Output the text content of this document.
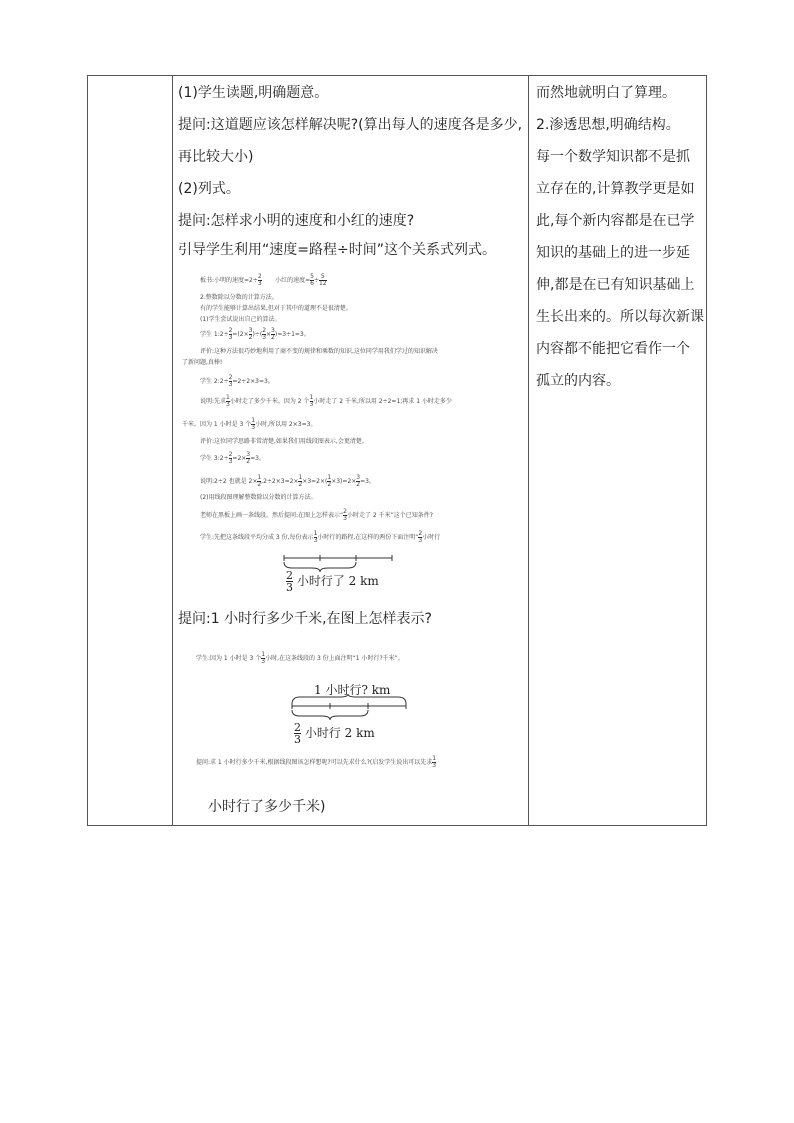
(1)学生读题,明确题意。
提问:这道题应该怎样解决呢?(算出每人的速度各是多少,
再比较大小)
(2)列式。
提问:怎样求小明的速度和小红的速度?
引导学生利用“速度=路程÷时间”这个关系式列式。
板书:小明的速度$=2\div \frac{2}{3}$ 小红的速度= $\frac{5}{6} \div \frac{5}{12}$
2.整数除以分数的计算方法。
有的学生能够计算出结果,但对于其中的道理不是很清楚。
(1)学生尝试说出自己的算法。
学生 1:2÷ $\frac{2}{3} =(2\times \frac{3}{2}$ )÷( $\frac{2}{3} \times \frac{3}{2} )=3\div 1=3$。
评价:这种方法很巧妙地利用了商不变的规律和乘数的知识,这位同学用我们学过的知识解决
了新问题,真棒!
学生 2:2÷ $\frac{2}{3} =2\div 2\times 3=3$。
说明:先求 $\frac{1}{3}$ 小时走了多少千米。因为 2 个 $\frac{1}{3}$ 小时走了 2 千米,所以用 2÷2=1;再求 1 小时走多少
千米。因为 1 小时是 3 个 $\frac{1}{3}$ 小时,所以用 2×3=3。
评价:这位同学思路非常清楚,如果我们用线段图表示,会更清楚。
学生 3:2÷ $\frac{2}{3} =2\times \frac{3}{2} =3$。
说明:2÷2 也就是 $2\times \frac{1}{2} ,2\div 2\times 3=2\times \frac{1}{2} \times 3=2\times( \frac{1}{2} \times 3)=2\times \frac{3}{2} =3$。
(2)用线段图理解整数除以分数的计算方法。
老师在黑板上画一条线段。然后提问:在图上怎样表示“ $\frac{2}{3}$ 小时走了 2 千米”这个已知条件?
学生:先把这条线段平均分成 3 份,每份表示 $\frac{1}{3}$ 小时行的路程,在这样的两份下面注明“ $\frac{2}{3}$ 小时行
$\frac{2}{3}$ 小时行了 2 km
提问:1 小时行多少千米,在图上怎样表示?
学生:因为 1 小时是 3 个 $\frac{1}{3}$ 小时,在这条线段的 3 份上面注明“1 小时行?千米”。
1 小时行? km
$\frac{2}{3}$ 小时行 2 km
提问:求 1 小时行多少千米,根据线段图该怎样想呢?可以先求什么?(启发学生说出可以先求 $\frac{1}{3}$
小时行了多少千米)
而然地就明白了算理。
2.渗透思想,明确结构。
每一个数学知识都不是抓
立存在的,计算教学更是如
此,每个新内容都是在已学
知识的基础上的进一步延
伸,都是在已有知识基础上
生长出来的。所以每次新课
内容都不能把它看作一个
孤立的内容。
